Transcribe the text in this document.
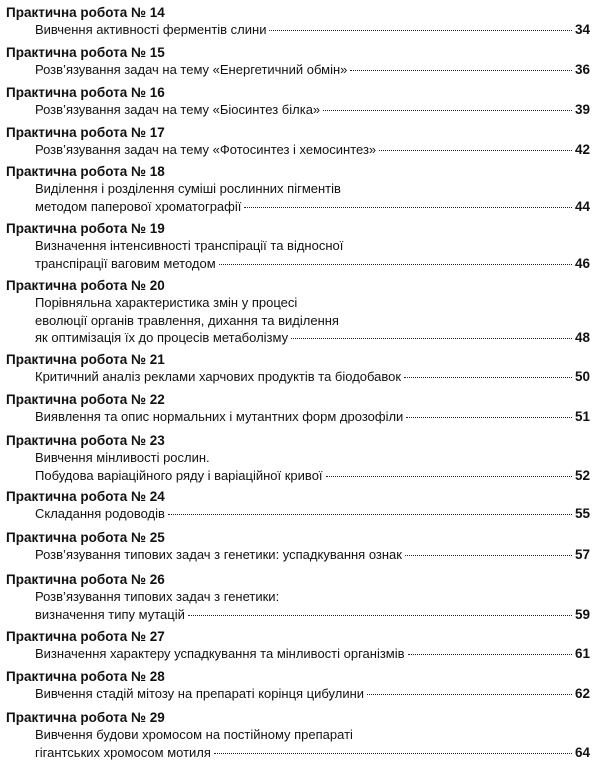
Практична робота № 14
Вивчення активності ферментів слини	34
Практична робота № 15
Розв’язування задач на тему «Енергетичний обмін»	36
Практична робота № 16
Розв’язування задач на тему «Біосинтез білка»	39
Практична робота № 17
Розв’язування задач на тему «Фотосинтез і хемосинтез»	42
Практична робота № 18
Виділення і розділення суміші рослинних пігментів
методом паперової хроматографії	44
Практична робота № 19
Визначення інтенсивності транспірації та відносної
транспірації ваговим методом	46
Практична робота № 20
Порівняльна характеристика змін у процесі
еволюції органів травлення, дихання та виділення
як оптимізація їх до процесів метаболізму	48
Практична робота № 21
Критичний аналіз реклами харчових продуктів та біодобавок	50
Практична робота № 22
Виявлення та опис нормальних і мутантних форм дрозофіли	51
Практична робота № 23
Вивчення мінливості рослин.
Побудова варіаційного ряду і варіаційної кривої	52
Практична робота № 24
Складання родоводів	55
Практична робота № 25
Розв’язування типових задач з генетики: успадкування ознак	57
Практична робота № 26
Розв’язування типових задач з генетики:
визначення типу мутацій	59
Практична робота № 27
Визначення характеру успадкування та мінливості організмів	61
Практична робота № 28
Вивчення стадій мітозу на препараті корінця цибулини	62
Практична робота № 29
Вивчення будови хромосом на постійному препараті
гігантських хромосом мотиля	64
